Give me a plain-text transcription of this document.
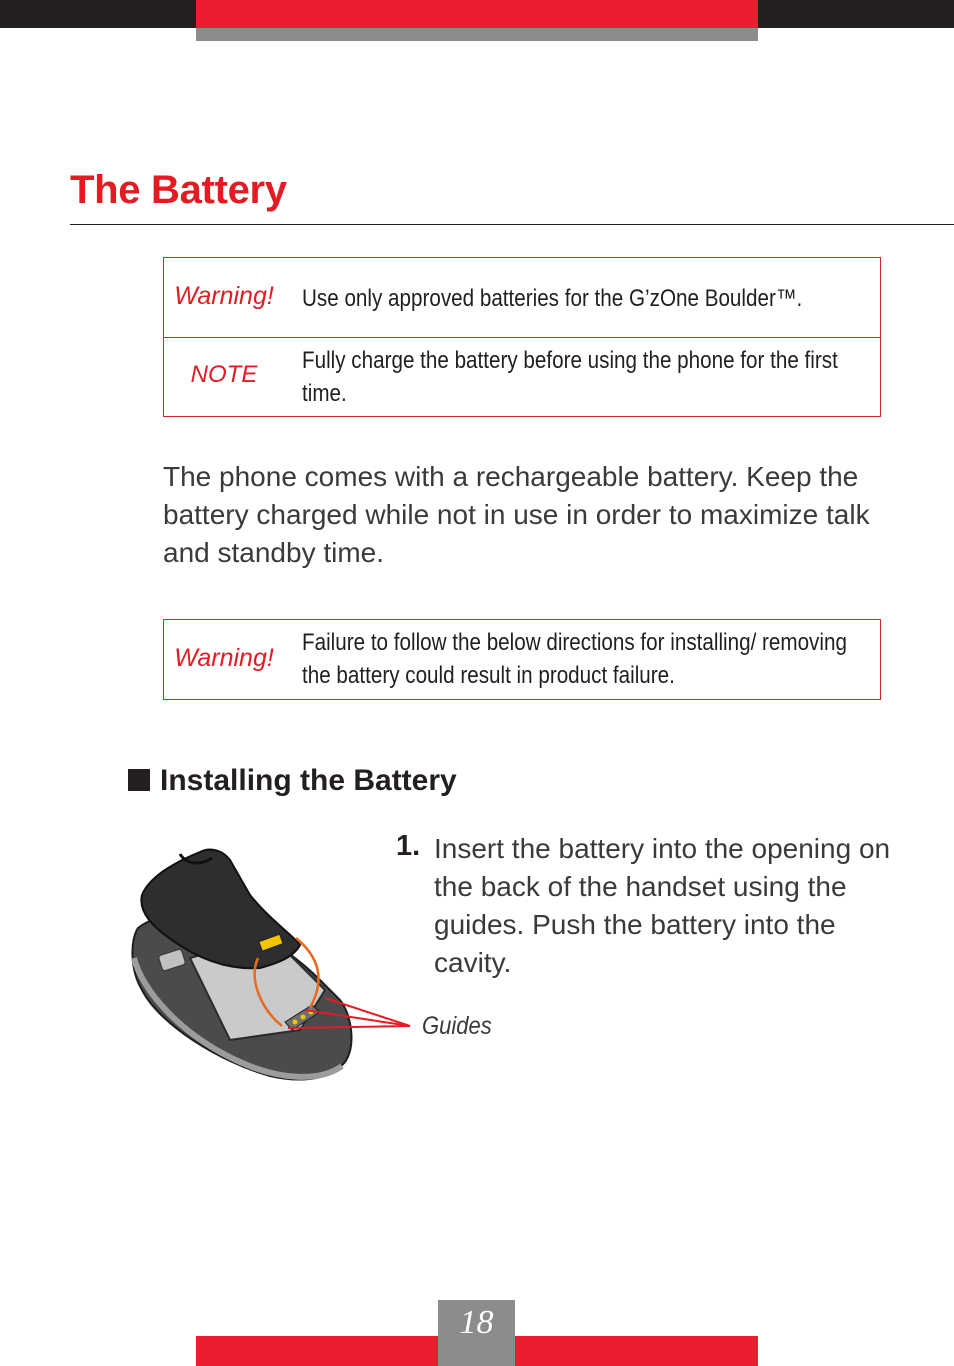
The Battery
Warning!	Use only approved batteries for the G’zOne Boulder™.
NOTE
Fully charge the battery before using the phone for the first time.

The phone comes with a rechargeable battery. Keep the battery charged while not in use in order to maximize talk and standby time.

Warning!
Failure to follow the below directions for installing/ removing the battery could result in product failure.
Installing the Battery
1. Insert the battery into the opening on the back of the handset using the guides. Push the battery into the cavity.

Guides
18
